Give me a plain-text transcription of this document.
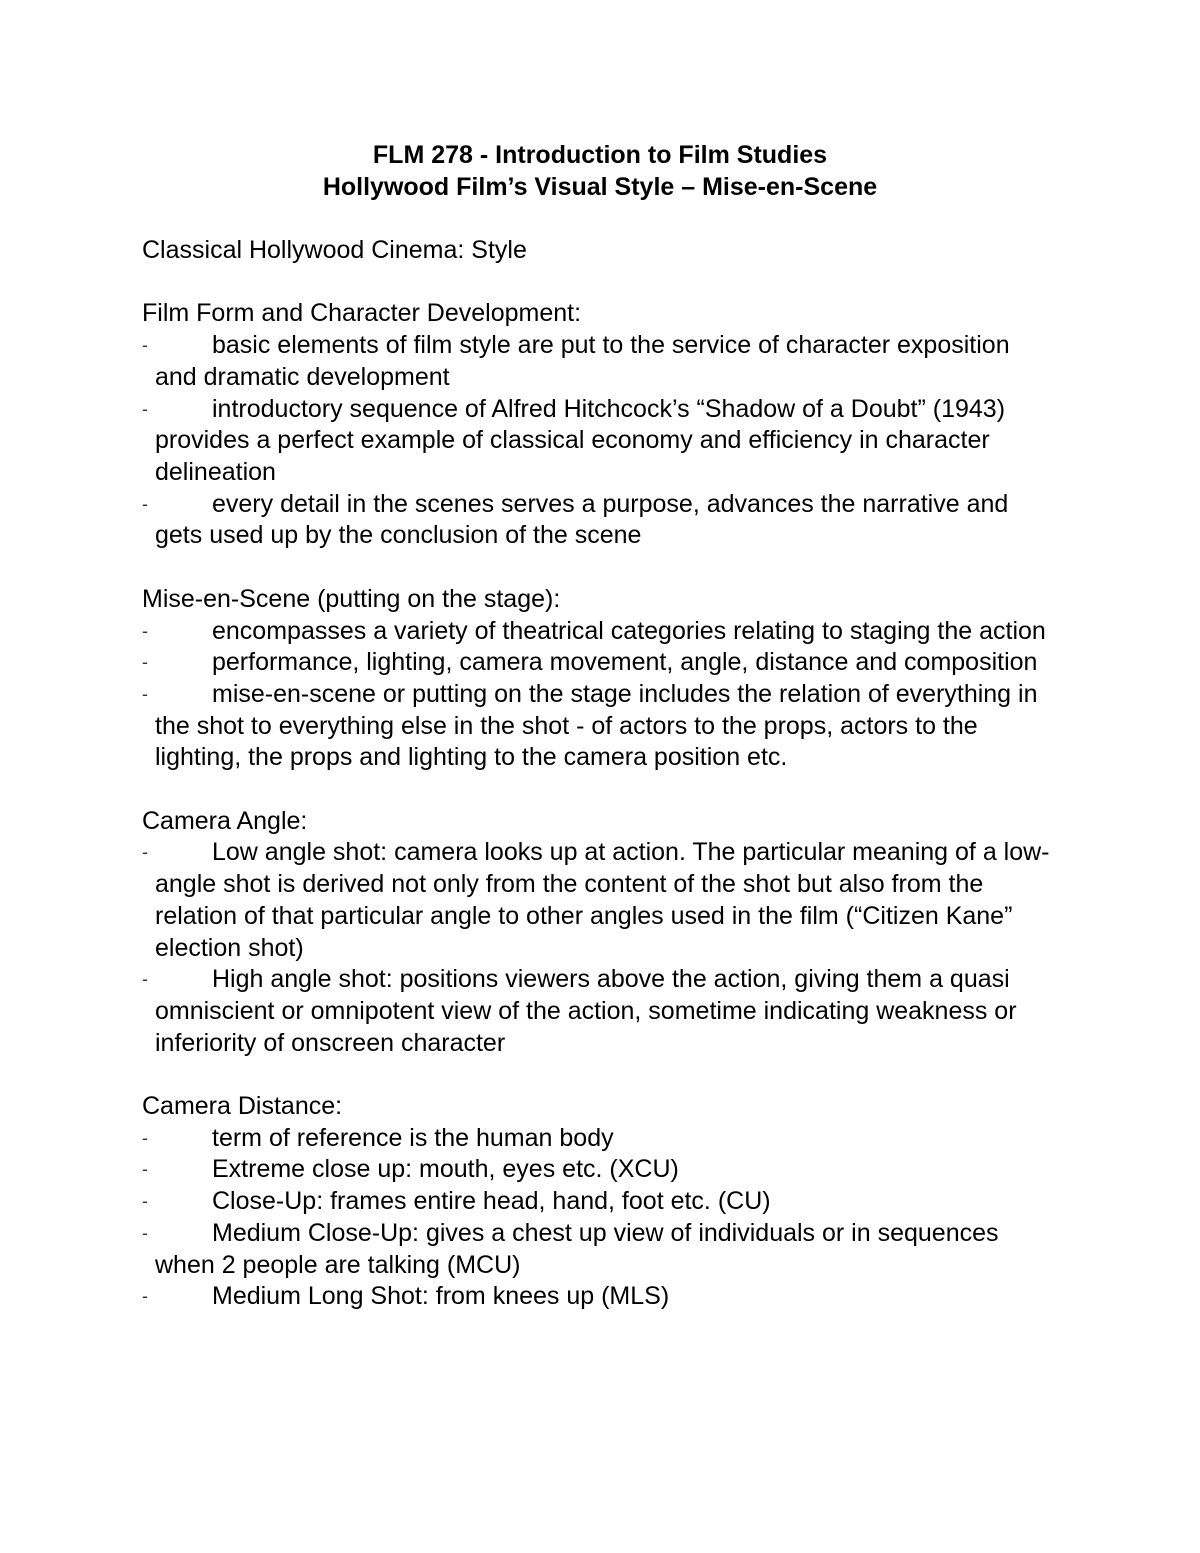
FLM 278 - Introduction to Film Studies
Hollywood Film’s Visual Style – Mise-en-Scene
Classical Hollywood Cinema: Style
Film Form and Character Development:
-	basic elements of film style are put to the service of character exposition and dramatic development
-	introductory sequence of Alfred Hitchcock’s “Shadow of a Doubt” (1943) provides a perfect example of classical economy and efficiency in character delineation
-	every detail in the scenes serves a purpose, advances the narrative and gets used up by the conclusion of the scene
Mise-en-Scene (putting on the stage):
-	encompasses a variety of theatrical categories relating to staging the action
-	performance, lighting, camera movement, angle, distance and composition
-	mise-en-scene or putting on the stage includes the relation of everything in the shot to everything else in the shot - of actors to the props, actors to the lighting, the props and lighting to the camera position etc.
Camera Angle:
-	Low angle shot: camera looks up at action. The particular meaning of a low-angle shot is derived not only from the content of the shot but also from the relation of that particular angle to other angles used in the film (“Citizen Kane” election shot)
-	High angle shot: positions viewers above the action, giving them a quasi omniscient or omnipotent view of the action, sometime indicating weakness or inferiority of onscreen character
Camera Distance:
-	term of reference is the human body
-	Extreme close up: mouth, eyes etc. (XCU)
-	Close-Up: frames entire head, hand, foot etc. (CU)
-	Medium Close-Up: gives a chest up view of individuals or in sequences when 2 people are talking (MCU)
-	Medium Long Shot: from knees up (MLS)
